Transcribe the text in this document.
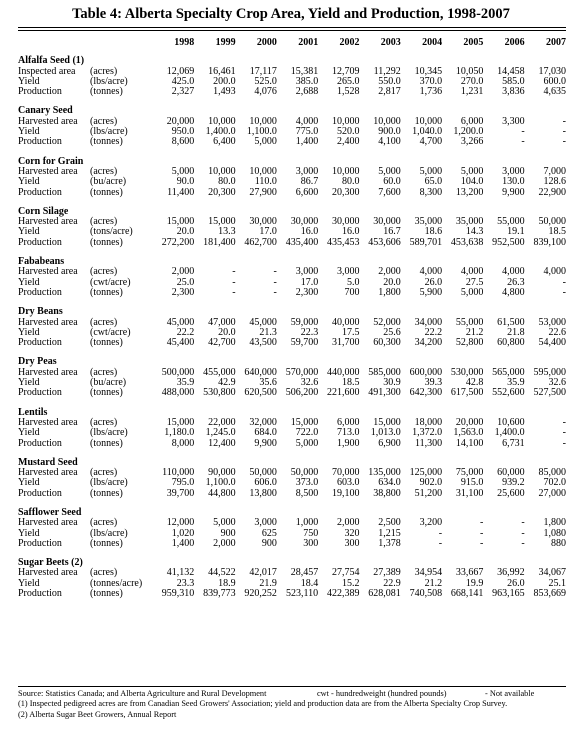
Table 4: Alberta Specialty Crop Area, Yield and Production, 1998-2007
		1998	1999	2000	2001	2002	2003	2004	2005	2006	2007
Alfalfa Seed (1)											
Inspected area	(acres)	12,069	16,461	17,117	15,381	12,709	11,292	10,345	10,050	14,458	17,030
Yield	(lbs/acre)	425.0	200.0	525.0	385.0	265.0	550.0	370.0	270.0	585.0	600.0
Production	(tonnes)	2,327	1,493	4,076	2,688	1,528	2,817	1,736	1,231	3,836	4,635

Canary Seed											
Harvested area	(acres)	20,000	10,000	10,000	4,000	10,000	10,000	10,000	6,000	3,300	-
Yield	(lbs/acre)	950.0	1,400.0	1,100.0	775.0	520.0	900.0	1,040.0	1,200.0	-	-
Production	(tonnes)	8,600	6,400	5,000	1,400	2,400	4,100	4,700	3,266	-	-

Corn for Grain											
Harvested area	(acres)	5,000	10,000	10,000	3,000	10,000	5,000	5,000	5,000	3,000	7,000
Yield	(bu/acre)	90.0	80.0	110.0	86.7	80.0	60.0	65.0	104.0	130.0	128.6
Production	(tonnes)	11,400	20,300	27,900	6,600	20,300	7,600	8,300	13,200	9,900	22,900

Corn Silage											
Harvested area	(acres)	15,000	15,000	30,000	30,000	30,000	30,000	35,000	35,000	55,000	50,000
Yield	(tons/acre)	20.0	13.3	17.0	16.0	16.0	16.7	18.6	14.3	19.1	18.5
Production	(tonnes)	272,200	181,400	462,700	435,400	435,453	453,606	589,701	453,638	952,500	839,100

Fababeans											
Harvested area	(acres)	2,000	-	-	3,000	3,000	2,000	4,000	4,000	4,000	4,000
Yield	(cwt/acre)	25.0	-	-	17.0	5.0	20.0	26.0	27.5	26.3	-
Production	(tonnes)	2,300	-	-	2,300	700	1,800	5,900	5,000	4,800	-

Dry Beans											
Harvested area	(acres)	45,000	47,000	45,000	59,000	40,000	52,000	34,000	55,000	61,500	53,000
Yield	(cwt/acre)	22.2	20.0	21.3	22.3	17.5	25.6	22.2	21.2	21.8	22.6
Production	(tonnes)	45,400	42,700	43,500	59,700	31,700	60,300	34,200	52,800	60,800	54,400

Dry Peas											
Harvested area	(acres)	500,000	455,000	640,000	570,000	440,000	585,000	600,000	530,000	565,000	595,000
Yield	(bu/acre)	35.9	42.9	35.6	32.6	18.5	30.9	39.3	42.8	35.9	32.6
Production	(tonnes)	488,000	530,800	620,500	506,200	221,600	491,300	642,300	617,500	552,600	527,500

Lentils											
Harvested area	(acres)	15,000	22,000	32,000	15,000	6,000	15,000	18,000	20,000	10,600	-
Yield	(lbs/acre)	1,180.0	1,245.0	684.0	722.0	713.0	1,013.0	1,372.0	1,563.0	1,400.0	-
Production	(tonnes)	8,000	12,400	9,900	5,000	1,900	6,900	11,300	14,100	6,731	-

Mustard Seed											
Harvested area	(acres)	110,000	90,000	50,000	50,000	70,000	135,000	125,000	75,000	60,000	85,000
Yield	(lbs/acre)	795.0	1,100.0	606.0	373.0	603.0	634.0	902.0	915.0	939.2	702.0
Production	(tonnes)	39,700	44,800	13,800	8,500	19,100	38,800	51,200	31,100	25,600	27,000

Safflower Seed											
Harvested area	(acres)	12,000	5,000	3,000	1,000	2,000	2,500	3,200	-	-	1,800
Yield	(lbs/acre)	1,020	900	625	750	320	1,215	-	-	-	1,080
Production	(tonnes)	1,400	2,000	900	300	300	1,378	-	-	-	880

Sugar Beets (2)											
Harvested area	(acres)	41,132	44,522	42,017	28,457	27,754	27,389	34,954	33,667	36,992	34,067
Yield	(tonnes/acre)	23.3	18.9	21.9	18.4	15.2	22.9	21.2	19.9	26.0	25.1
Production	(tonnes)	959,310	839,773	920,252	523,110	422,389	628,081	740,508	668,141	963,165	853,669
Source: Statistics Canada; and Alberta Agriculture and Rural Development	cwt - hundredweight (hundred pounds)	- Not available
(1) Inspected pedigreed acres are from Canadian Seed Growers' Association; yield and production data are from the Alberta Specialty Crop Survey.
(2) Alberta Sugar Beet Growers, Annual Report
